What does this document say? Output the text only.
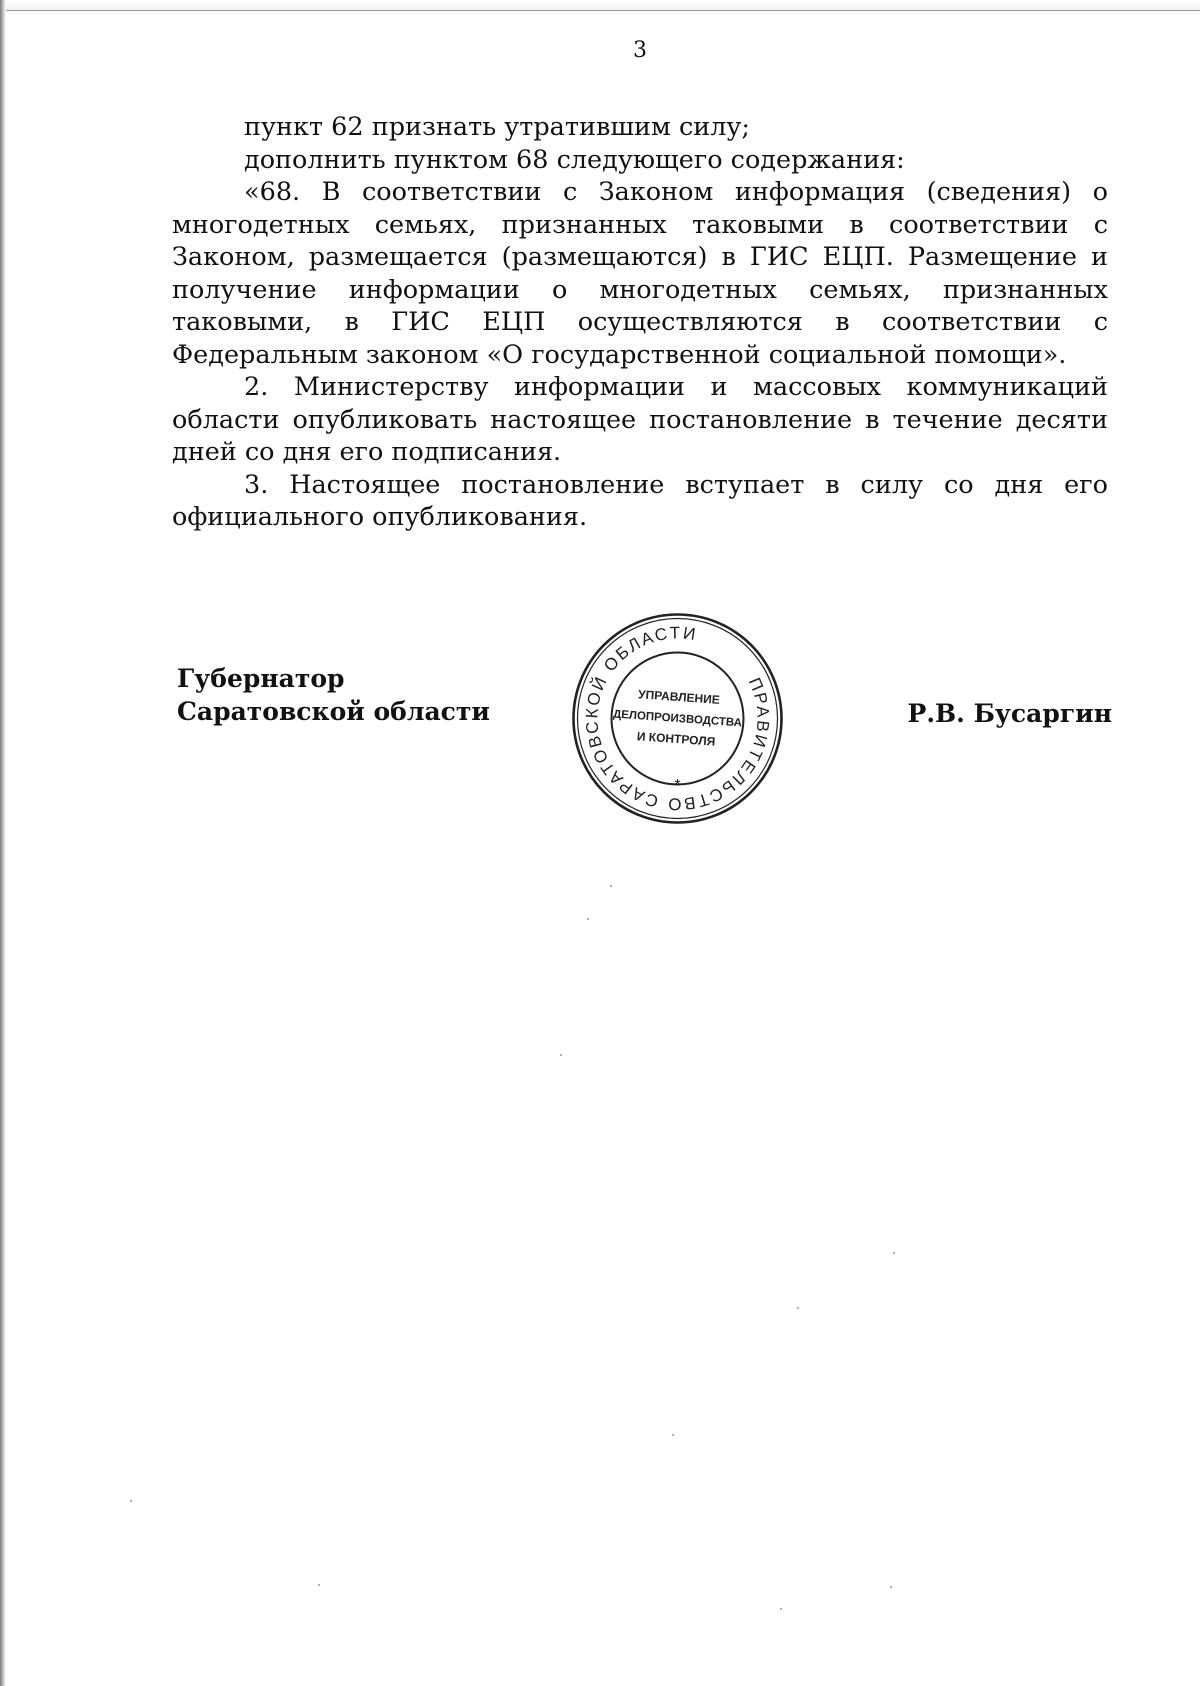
3

пункт 62 признать утратившим силу;

дополнить пунктом 68 следующего содержания:

«68. В соответствии с Законом информация (сведения) о многодетных семьях, признанных таковыми в соответствии с Законом, размещается (размещаются) в ГИС ЕЦП. Размещение и получение информации о многодетных семьях, признанных таковыми, в ГИС ЕЦП осуществляются в соответствии с Федеральным законом «О государственной социальной помощи».

2. Министерству информации и массовых коммуникаций области опубликовать настоящее постановление в течение десяти дней со дня его подписания.

3. Настоящее постановление вступает в силу со дня его официального опубликования.

Губернатор
Саратовской области	Р.В. Бусаргин
ПРАВИТЕЛЬСТВО САРАТОВСКОЙ ОБЛАСТИ
*
УПРАВЛЕНИЕ
ДЕЛОПРОИЗВОДСТВА
И КОНТРОЛЯ
